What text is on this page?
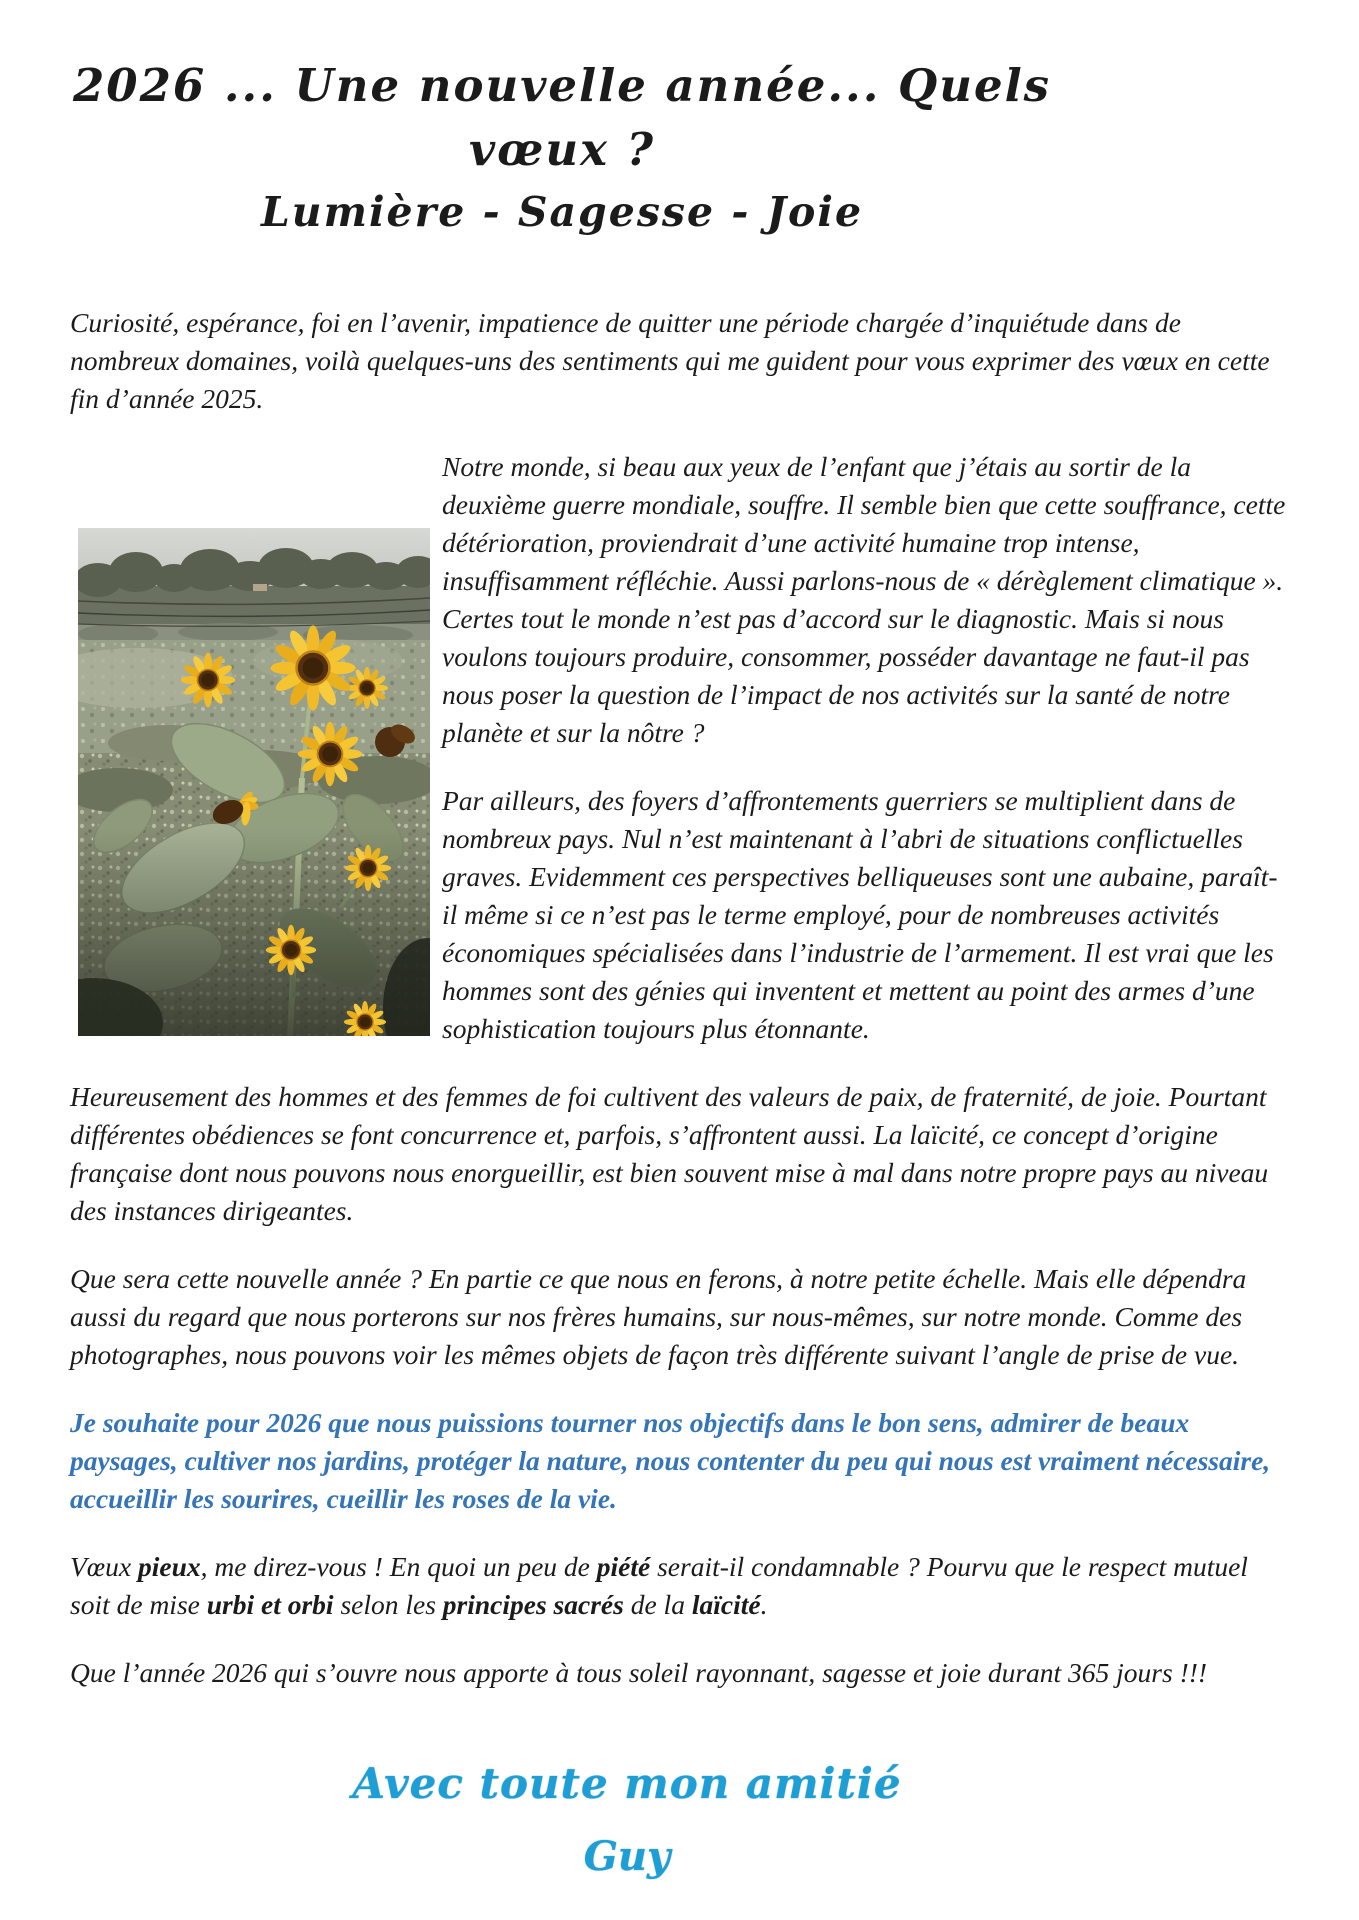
2026 ... Une nouvelle année... Quels vœux ?
Lumière - Sagesse - Joie

Curiosité, espérance, foi en l’avenir, impatience de quitter une période chargée d’inquiétude dans de nombreux domaines, voilà quelques-uns des sentiments qui me guident pour vous exprimer des vœux en cette fin d’année 2025.

Notre monde, si beau aux yeux de l’enfant que j’étais au sortir de la deuxième guerre mondiale, souffre. Il semble bien que cette souffrance, cette détérioration, proviendrait d’une activité humaine trop intense, insuffisamment réfléchie. Aussi parlons-nous de « dérèglement climatique ». Certes tout le monde n’est pas d’accord sur le diagnostic. Mais si nous voulons toujours produire, consommer, posséder davantage ne faut-il pas nous poser la question de l’impact de nos activités sur la santé de notre planète et sur la nôtre ?

Par ailleurs, des foyers d’affrontements guerriers se multiplient dans de nombreux pays. Nul n’est maintenant à l’abri de situations conflictuelles graves. Evidemment ces perspectives belliqueuses sont une aubaine, paraît-il même si ce n’est pas le terme employé, pour de nombreuses activités économiques spécialisées dans l’industrie de l’armement. Il est vrai que les hommes sont des génies qui inventent et mettent au point des armes d’une sophistication toujours plus étonnante.

Heureusement des hommes et des femmes de foi cultivent des valeurs de paix, de fraternité, de joie. Pourtant différentes obédiences se font concurrence et, parfois, s’affrontent aussi. La laïcité, ce concept d’origine française dont nous pouvons nous enorgueillir, est bien souvent mise à mal dans notre propre pays au niveau des instances dirigeantes.

Que sera cette nouvelle année ? En partie ce que nous en ferons, à notre petite échelle. Mais elle dépendra aussi du regard que nous porterons sur nos frères humains, sur nous-mêmes, sur notre monde. Comme des photographes, nous pouvons voir les mêmes objets de façon très différente suivant l’angle de prise de vue.

Je souhaite pour 2026 que nous puissions tourner nos objectifs dans le bon sens, admirer de beaux paysages, cultiver nos jardins, protéger la nature, nous contenter du peu qui nous est vraiment nécessaire, accueillir les sourires, cueillir les roses de la vie.

Vœux pieux, me direz-vous ! En quoi un peu de piété serait-il condamnable ? Pourvu que le respect mutuel soit de mise urbi et orbi selon les principes sacrés de la laïcité.

Que l’année 2026 qui s’ouvre nous apporte à tous soleil rayonnant, sagesse et joie durant 365 jours !!!

Avec toute mon amitié
Guy
